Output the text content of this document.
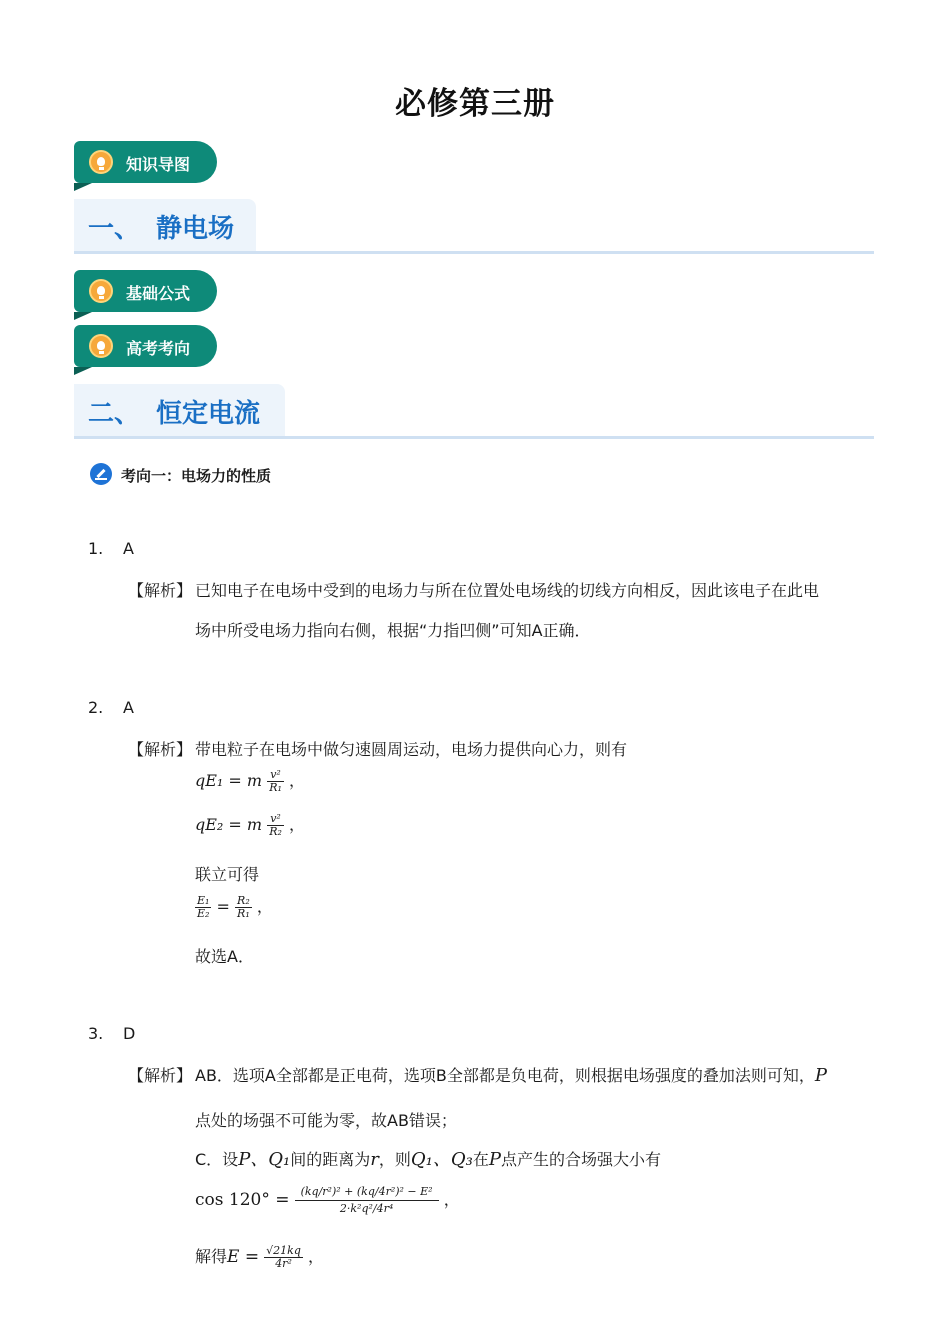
必修第三册
知识导图
一、 静电场
基础公式
高考考向
二、 恒定电流
考向一：电场力的性质
1. A
【解析】 已知电子在电场中受到的电场力与所在位置处电场线的切线方向相反，因此该电子在此电
场中所受电场力指向右侧，根据“力指凹侧”可知A正确．
2. A
【解析】 带电粒子在电场中做匀速圆周运动，电场力提供向心力，则有
qE₁ = m $\frac{\text{v²}}{\text{R₁}}$ ，
qE₂ = m $\frac{\text{v²}}{\text{R₂}}$ ，
联立可得
$\frac{\text{E₁}}{\text{E₂}} = \frac{\text{R₂}}{\text{R₁}}$ ，
故选A．
3. D
【解析】 AB．选项A全部都是正电荷，选项B全部都是负电荷，则根据电场强度的叠加法则可知，P
点处的场强不可能为零，故AB错误；
C．设P、Q₁间的距离为r，则Q₁、Q₃在P点产生的合场强大小有
$\cos 120^\circ = \frac{\text{(kq/r²)² + (kq/4r²)² − E²}}{\text{2·k²q²/4r⁴}}$ ，
解得$E = \frac{√21kq}{\text{4r²}}$ ，
